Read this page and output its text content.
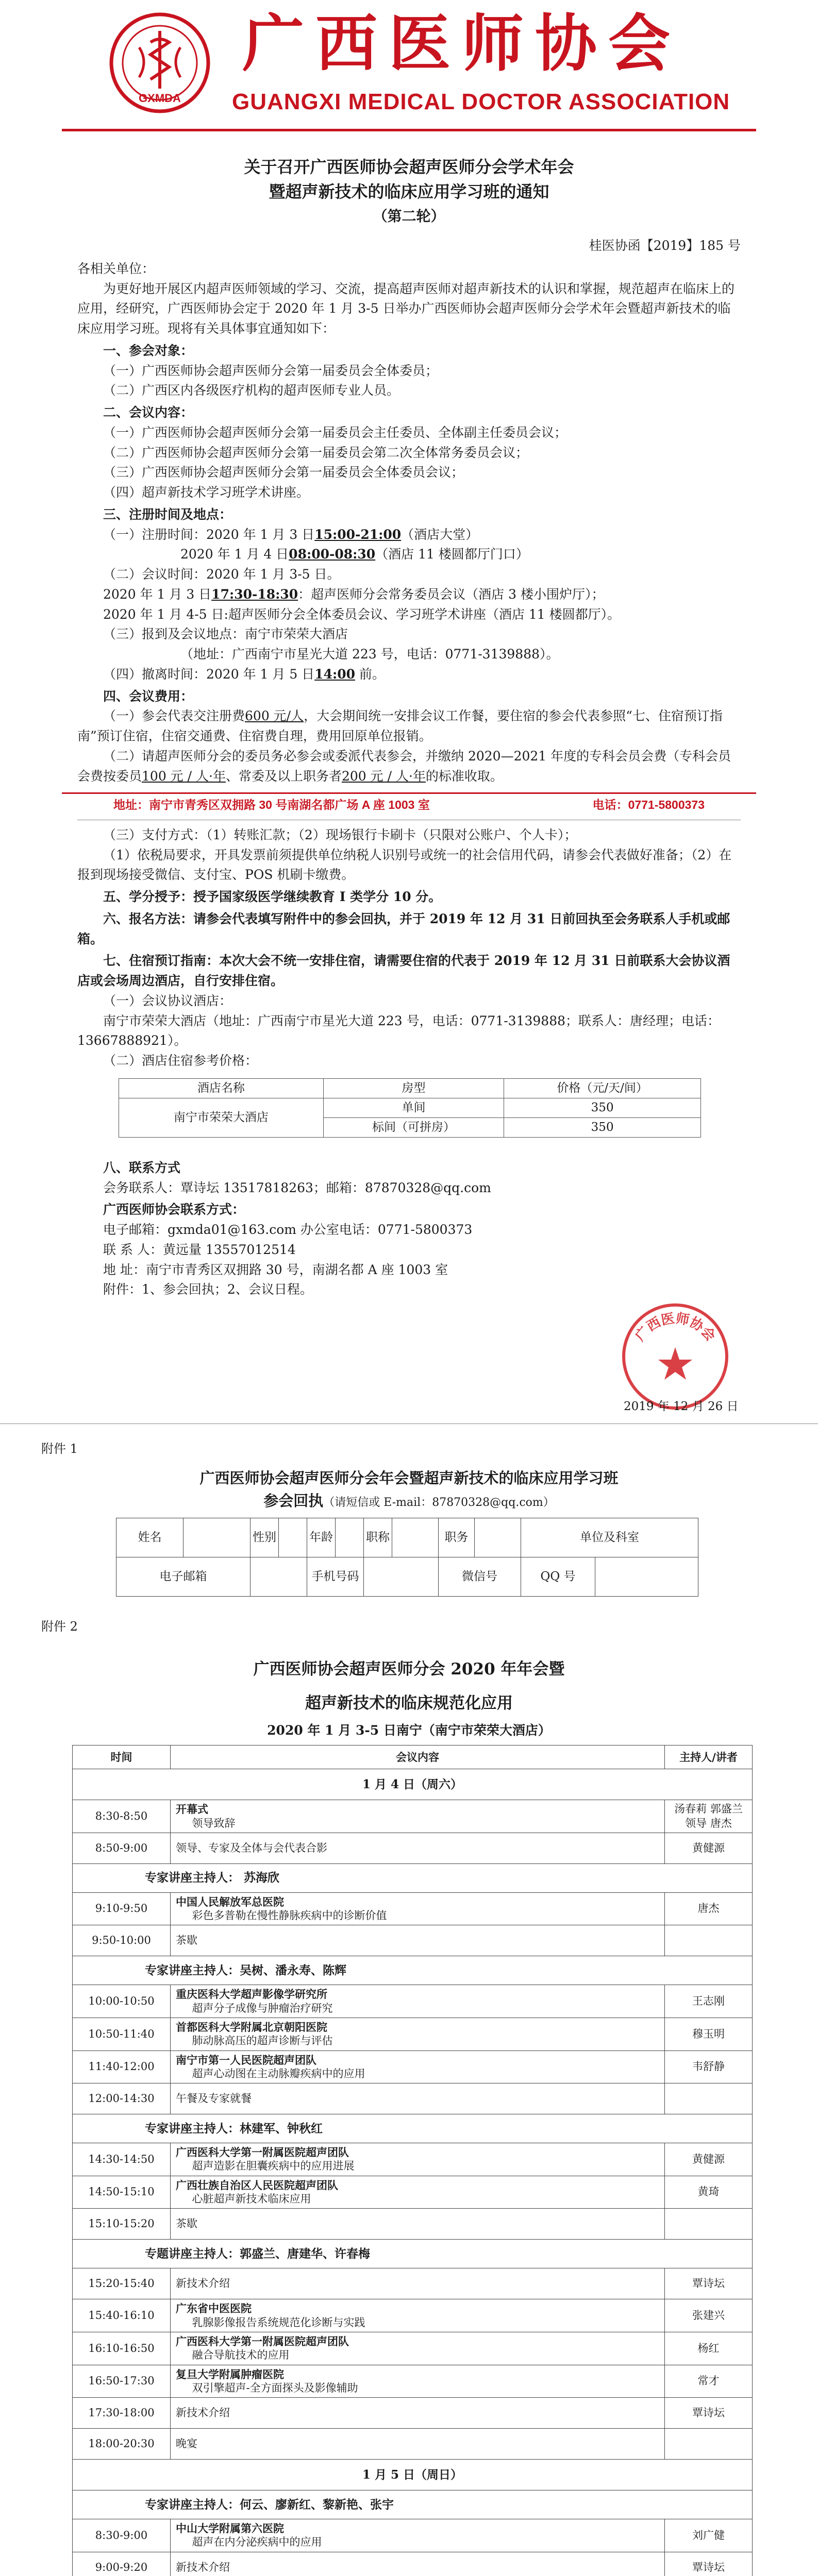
GXMDA
广西医师协会
GUANGXI MEDICAL DOCTOR ASSOCIATION
关于召开广西医师协会超声医师分会学术年会
暨超声新技术的临床应用学习班的通知
（第二轮）
桂医协函【2019】185 号
各相关单位：
为更好地开展区内超声医师领域的学习、交流，提高超声医师对超声新技术的认识和掌握，规范超声在临床上的应用，经研究，广西医师协会定于 2020 年 1 月 3-5 日举办广西医师协会超声医师分会学术年会暨超声新技术的临床应用学习班。现将有关具体事宜通知如下：
一、参会对象：
（一）广西医师协会超声医师分会第一届委员会全体委员；
（二）广西区内各级医疗机构的超声医师专业人员。
二、会议内容：
（一）广西医师协会超声医师分会第一届委员会主任委员、全体副主任委员会议；
（二）广西医师协会超声医师分会第一届委员会第二次全体常务委员会议；
（三）广西医师协会超声医师分会第一届委员会全体委员会议；
（四）超声新技术学习班学术讲座。
三、注册时间及地点：
（一）注册时间：2020 年 1 月 3 日15:00-21:00（酒店大堂）
2020 年 1 月 4 日08:00-08:30（酒店 11 楼圆都厅门口）
（二）会议时间：2020 年 1 月 3-5 日。
2020 年 1 月 3 日17:30-18:30：超声医师分会常务委员会议（酒店 3 楼小围炉厅）；
2020 年 1 月 4-5 日:超声医师分会全体委员会议、学习班学术讲座（酒店 11 楼圆都厅）。
（三）报到及会议地点：南宁市荣荣大酒店
（地址：广西南宁市星光大道 223 号，电话：0771-3139888）。
（四）撤离时间：2020 年 1 月 5 日14:00 前。
四、会议费用：
（一）参会代表交注册费600 元/人，大会期间统一安排会议工作餐，要住宿的参会代表参照“七、住宿预订指南”预订住宿，住宿交通费、住宿费自理，费用回原单位报销。
（二）请超声医师分会的委员务必参会或委派代表参会，并缴纳 2020—2021 年度的专科会员会费（专科会员会费按委员100 元 / 人·年、常委及以上职务者200 元 / 人·年的标准收取。
地址：南宁市青秀区双拥路 30 号南湖名都广场 A 座 1003 室	电话：0771-5800373
（三）支付方式：（1）转账汇款；（2）现场银行卡刷卡（只限对公账户、个人卡）；
（1）依税局要求，开具发票前须提供单位纳税人识别号或统一的社会信用代码，请参会代表做好准备；（2）在报到现场接受微信、支付宝、POS 机刷卡缴费。
五、学分授予：授予国家级医学继续教育 I 类学分 10 分。
六、报名方法：请参会代表填写附件中的参会回执，并于 2019 年 12 月 31 日前回执至会务联系人手机或邮箱。
七、住宿预订指南：本次大会不统一安排住宿，请需要住宿的代表于 2019 年 12 月 31 日前联系大会协议酒店或会场周边酒店，自行安排住宿。
（一）会议协议酒店：
南宁市荣荣大酒店（地址：广西南宁市星光大道 223 号，电话：0771-3139888；联系人：唐经理；电话：13667888921）。
（二）酒店住宿参考价格：
酒店名称	房型	价格（元/天/间）
南宁市荣荣大酒店	单间	350
	标间（可拼房）	350
八、联系方式
会务联系人：覃诗坛 13517818263；邮箱：87870328@qq.com
广西医师协会联系方式：
电子邮箱：gxmda01@163.com 办公室电话：0771-5800373
联 系 人：黄远量 13557012514
地 址：南宁市青秀区双拥路 30 号，南湖名都 A 座 1003 室
附件：1、参会回执；2、会议日程。
广西医师协会
2019 年 12 月 26 日
附件 1
广西医师协会超声医师分会年会暨超声新技术的临床应用学习班
参会回执（请短信或 E-mail：87870328@qq.com）
姓名		性别		年龄		职称		职务		单位及科室	
电子邮箱				手机号码				微信号		QQ 号	
附件 2
广西医师协会超声医师分会 2020 年年会暨
超声新技术的临床规范化应用
2020 年 1 月 3-5 日南宁（南宁市荣荣大酒店）
时间	会议内容	主持人/讲者
1 月 4 日（周六）		
8:30-8:50	开幕式
领导致辞	汤春莉 郭盛兰 领导 唐杰
8:50-9:00	领导、专家及全体与会代表合影	黄健源
专家讲座主持人： 苏海欣		
9:10-9:50	中国人民解放军总医院
彩色多普勒在慢性静脉疾病中的诊断价值	唐杰
9:50-10:00	茶歇	
专家讲座主持人：吴树、潘永寿、陈辉		
10:00-10:50	重庆医科大学超声影像学研究所
超声分子成像与肿瘤治疗研究	王志刚
10:50-11:40	首都医科大学附属北京朝阳医院
肺动脉高压的超声诊断与评估	穆玉明
11:40-12:00	南宁市第一人民医院超声团队
超声心动图在主动脉瓣疾病中的应用	韦舒静
12:00-14:30	午餐及专家就餐	
专家讲座主持人：林建军、钟秋红		
14:30-14:50	广西医科大学第一附属医院超声团队
超声造影在胆囊疾病中的应用进展	黄健源
14:50-15:10	广西壮族自治区人民医院超声团队
心脏超声新技术临床应用	黄琦
15:10-15:20	茶歇	
专题讲座主持人：郭盛兰、唐建华、许春梅		
15:20-15:40	新技术介绍	覃诗坛
15:40-16:10	广东省中医医院
乳腺影像报告系统规范化诊断与实践	张建兴
16:10-16:50	广西医科大学第一附属医院超声团队
融合导航技术的应用	杨红
16:50-17:30	复旦大学附属肿瘤医院
双引擎超声-全方面探头及影像辅助	常才
17:30-18:00	新技术介绍	覃诗坛
18:00-20:30	晚宴	
1 月 5 日（周日）		
专家讲座主持人：何云、廖新红、黎新艳、张宇		
8:30-9:00	中山大学附属第六医院
超声在内分泌疾病中的应用	刘广健
9:00-9:20	新技术介绍	覃诗坛
